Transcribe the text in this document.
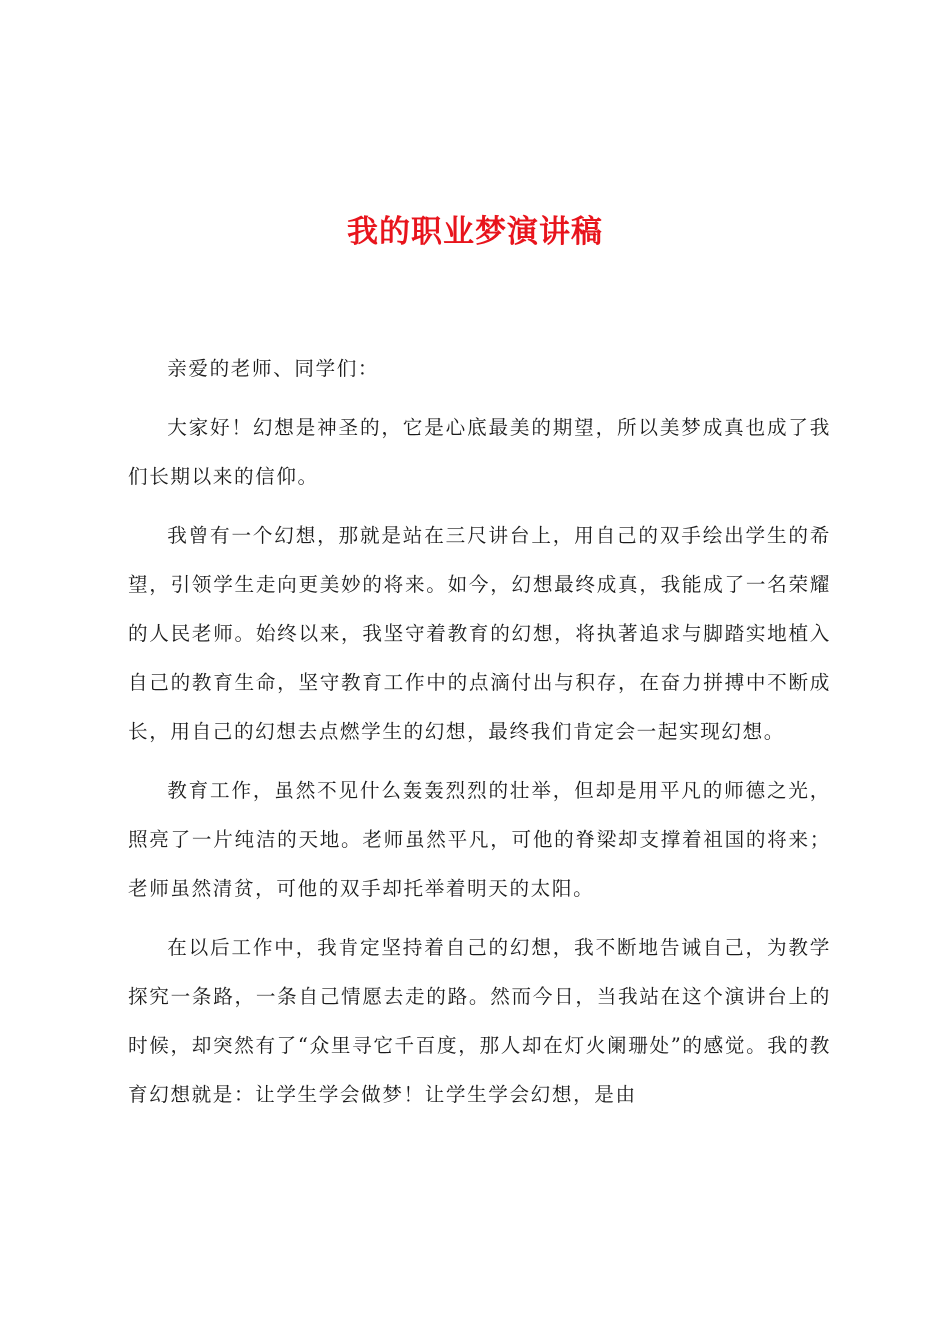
我的职业梦演讲稿

亲爱的老师、同学们：

大家好！幻想是神圣的，它是心底最美的期望，所以美梦成真也成了我们长期以来的信仰。

我曾有一个幻想，那就是站在三尺讲台上，用自己的双手绘出学生的希望，引领学生走向更美妙的将来。如今，幻想最终成真，我能成了一名荣耀的人民老师。始终以来，我坚守着教育的幻想，将执著追求与脚踏实地植入自己的教育生命，坚守教育工作中的点滴付出与积存，在奋力拼搏中不断成长，用自己的幻想去点燃学生的幻想，最终我们肯定会一起实现幻想。

教育工作，虽然不见什么轰轰烈烈的壮举，但却是用平凡的师德之光，照亮了一片纯洁的天地。老师虽然平凡，可他的脊梁却支撑着祖国的将来；老师虽然清贫，可他的双手却托举着明天的太阳。

在以后工作中，我肯定坚持着自己的幻想，我不断地告诫自己，为教学探究一条路，一条自己情愿去走的路。然而今日，当我站在这个演讲台上的时候，却突然有了“众里寻它千百度，那人却在灯火阑珊处”的感觉。我的教育幻想就是：让学生学会做梦！让学生学会幻想，是由
